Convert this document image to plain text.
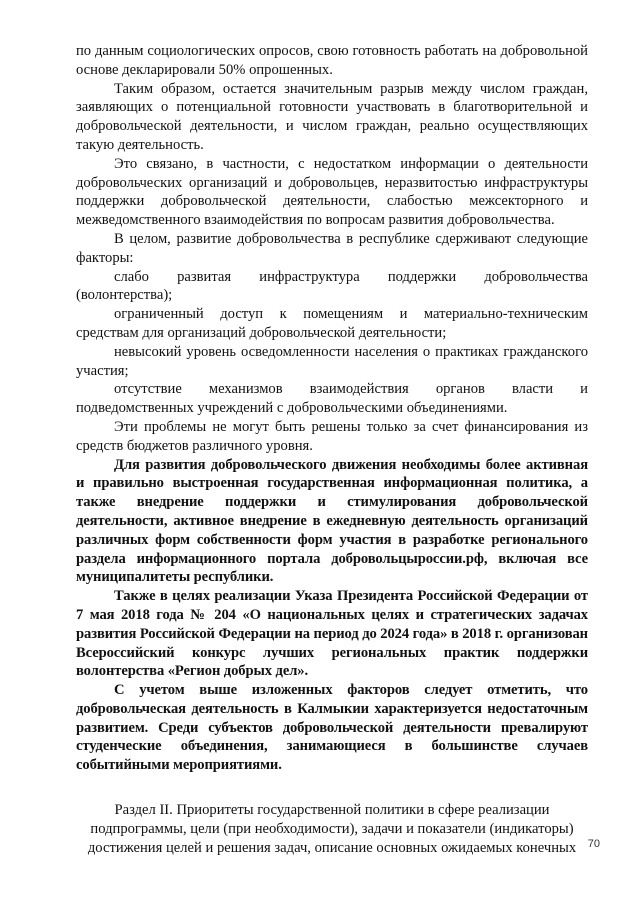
по данным социологических опросов, свою готовность работать на добровольной основе декларировали 50% опрошенных.

Таким образом, остается значительным разрыв между числом граждан, заявляющих о потенциальной готовности участвовать в благотворительной и добровольческой деятельности, и числом граждан, реально осуществляющих такую деятельность.

Это связано, в частности, с недостатком информации о деятельности добровольческих организаций и добровольцев, неразвитостью инфраструктуры поддержки добровольческой деятельности, слабостью межсекторного и межведомственного взаимодействия по вопросам развития добровольчества.

В целом, развитие добровольчества в республике сдерживают следующие факторы:

слабо развитая инфраструктура поддержки добровольчества (волонтерства);

ограниченный доступ к помещениям и материально-техническим средствам для организаций добровольческой деятельности;

невысокий уровень осведомленности населения о практиках гражданского участия;

отсутствие механизмов взаимодействия органов власти и подведомственных учреждений с добровольческими объединениями.

Эти проблемы не могут быть решены только за счет финансирования из средств бюджетов различного уровня.

Для развития добровольческого движения необходимы более активная и правильно выстроенная государственная информационная политика, а также внедрение поддержки и стимулирования добровольческой деятельности, активное внедрение в ежедневную деятельность организаций различных форм собственности форм участия в разработке регионального раздела информационного портала добровольцыроссии.рф, включая все муниципалитеты республики.

Также в целях реализации Указа Президента Российской Федерации от 7 мая 2018 года № 204 «О национальных целях и стратегических задачах развития Российской Федерации на период до 2024 года» в 2018 г. организован Всероссийский конкурс лучших региональных практик поддержки волонтерства «Регион добрых дел».

С учетом выше изложенных факторов следует отметить, что добровольческая деятельность в Калмыкии характеризуется недостаточным развитием. Среди субъектов добровольческой деятельности превалируют студенческие объединения, занимающиеся в большинстве случаев событийными мероприятиями.

Раздел II. Приоритеты государственной политики в сфере реализации
подпрограммы, цели (при необходимости), задачи и показатели (индикаторы)
достижения целей и решения задач, описание основных ожидаемых конечных	70
